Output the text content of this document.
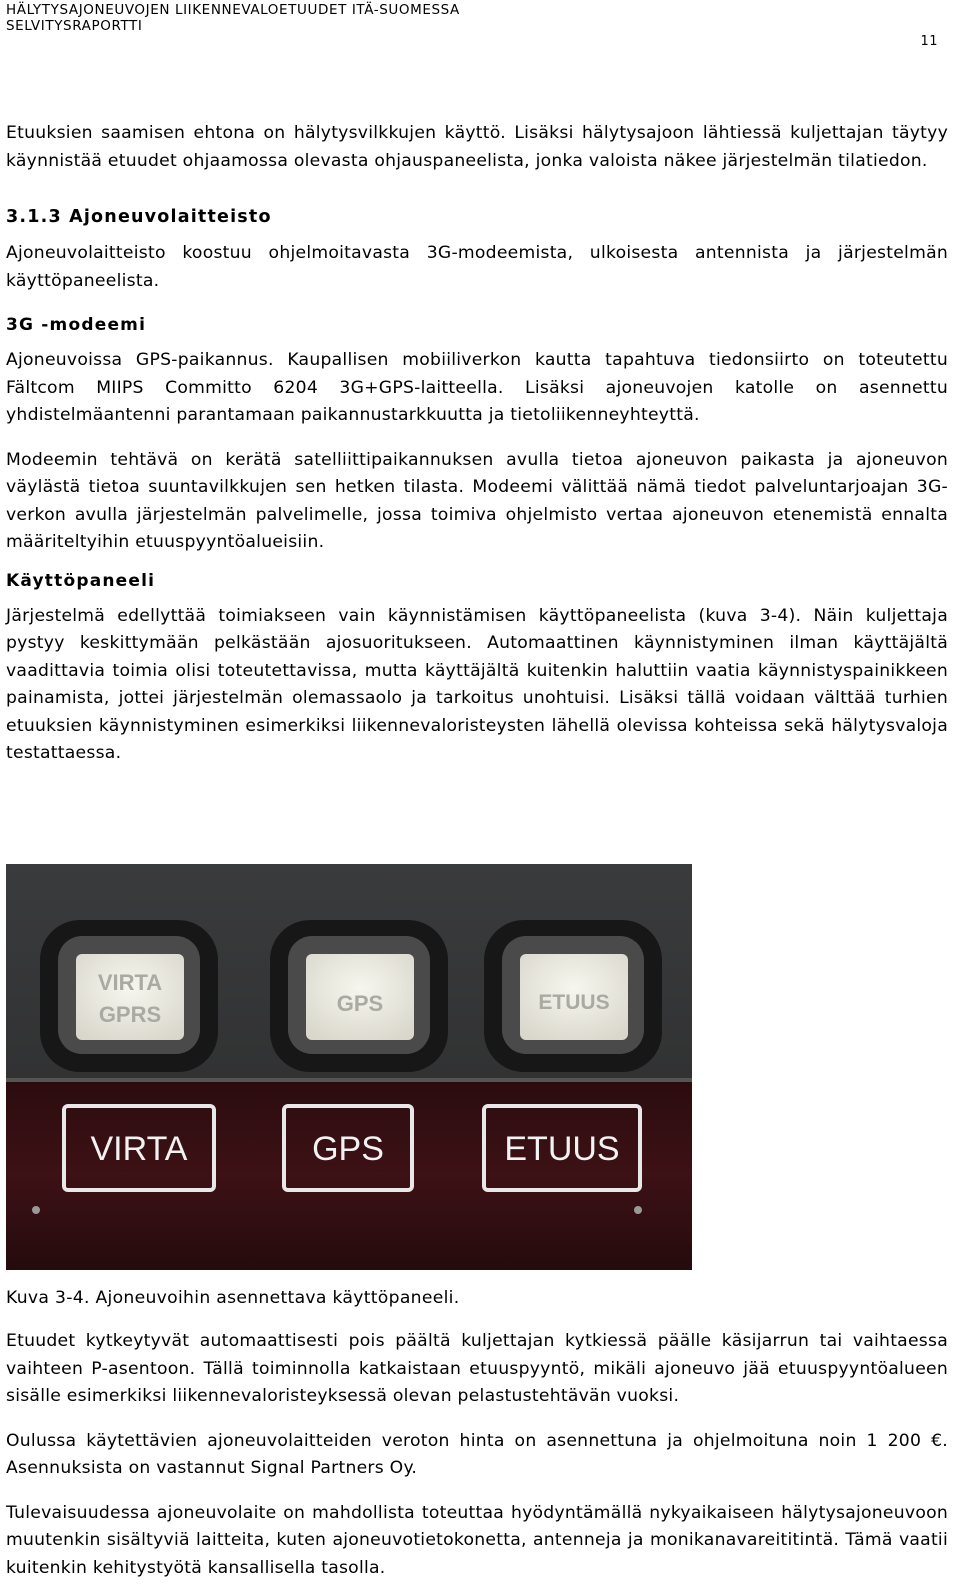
HÄLYTYSAJONEUVOJEN LIIKENNEVALOETUUDET ITÄ-SUOMESSA
SELVITYSRAPORTTI
11

Etuuksien saamisen ehtona on hälytysvilkkujen käyttö. Lisäksi hälytysajoon lähtiessä kuljettajan täytyy käynnistää etuudet ohjaamossa olevasta ohjauspaneelista, jonka valoista näkee järjestelmän tilatiedon.

3.1.3 Ajoneuvolaitteisto

Ajoneuvolaitteisto koostuu ohjelmoitavasta 3G-modeemista, ulkoisesta antennista ja järjestelmän käyttöpaneelista.

3G -modeemi

Ajoneuvoissa GPS-paikannus. Kaupallisen mobiiliverkon kautta tapahtuva tiedonsiirto on toteutettu Fältcom MIIPS Committo 6204 3G+GPS-laitteella. Lisäksi ajoneuvojen katolle on asennettu yhdistelmäantenni parantamaan paikannustarkkuutta ja tietoliikenneyhteyttä.

Modeemin tehtävä on kerätä satelliittipaikannuksen avulla tietoa ajoneuvon paikasta ja ajoneuvon väylästä tietoa suuntavilkkujen sen hetken tilasta. Modeemi välittää nämä tiedot palveluntarjoajan 3G-verkon avulla järjestelmän palvelimelle, jossa toimiva ohjelmisto vertaa ajoneuvon etenemistä ennalta määriteltyihin etuuspyyntöalueisiin.

Käyttöpaneeli

Järjestelmä edellyttää toimiakseen vain käynnistämisen käyttöpaneelista (kuva 3-4). Näin kuljettaja pystyy keskittymään pelkästään ajosuoritukseen. Automaattinen käynnistyminen ilman käyttäjältä vaadittavia toimia olisi toteutettavissa, mutta käyttäjältä kuitenkin haluttiin vaatia käynnistyspainikkeen painamista, jottei järjestelmän olemassaolo ja tarkoitus unohtuisi. Lisäksi tällä voidaan välttää turhien etuuksien käynnistyminen esimerkiksi liikennevaloristeysten lähellä olevissa kohteissa sekä hälytysvaloja testattaessa.

VIRTA
GPRS	GPS	ETUUS
VIRTA	GPS	ETUUS
Kuva 3-4. Ajoneuvoihin asennettava käyttöpaneeli.

Etuudet kytkeytyvät automaattisesti pois päältä kuljettajan kytkiessä päälle käsijarrun tai vaihtaessa vaihteen P-asentoon. Tällä toiminnolla katkaistaan etuuspyyntö, mikäli ajoneuvo jää etuuspyyntöalueen sisälle esimerkiksi liikennevaloristeyksessä olevan pelastustehtävän vuoksi.

Oulussa käytettävien ajoneuvolaitteiden veroton hinta on asennettuna ja ohjelmoituna noin 1 200 €. Asennuksista on vastannut Signal Partners Oy.

Tulevaisuudessa ajoneuvolaite on mahdollista toteuttaa hyödyntämällä nykyaikaiseen hälytysajoneuvoon muutenkin sisältyviä laitteita, kuten ajoneuvotietokonetta, antenneja ja monikanavareititintä. Tämä vaatii kuitenkin kehitystyötä kansallisella tasolla.
